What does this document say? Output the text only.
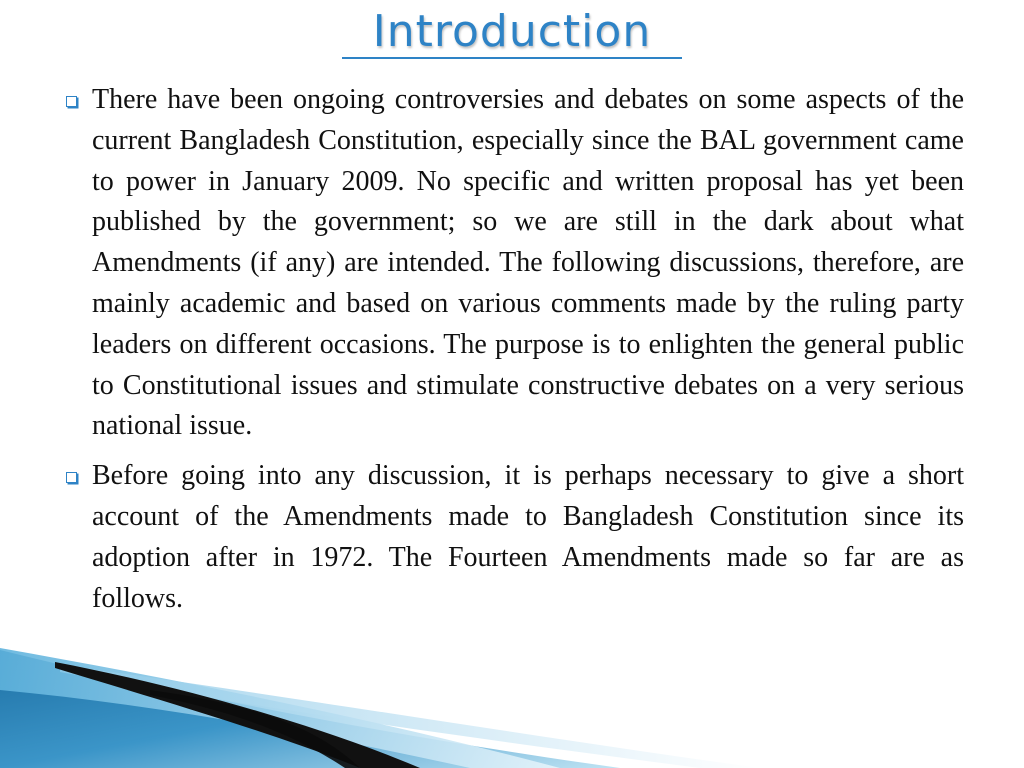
Introduction
There have been ongoing controversies and debates on some aspects of the current Bangladesh Constitution, especially since the BAL government came to power in January 2009. No specific and written proposal has yet been published by the government; so we are still in the dark about what Amendments (if any) are intended. The following discussions, therefore, are mainly academic and based on various comments made by the ruling party leaders on different occasions. The purpose is to enlighten the general public to Constitutional issues and stimulate constructive debates on a very serious national issue.
Before going into any discussion, it is perhaps necessary to give a short account of the Amendments made to Bangladesh Constitution since its adoption after in 1972. The Fourteen Amendments made so far are as follows.
